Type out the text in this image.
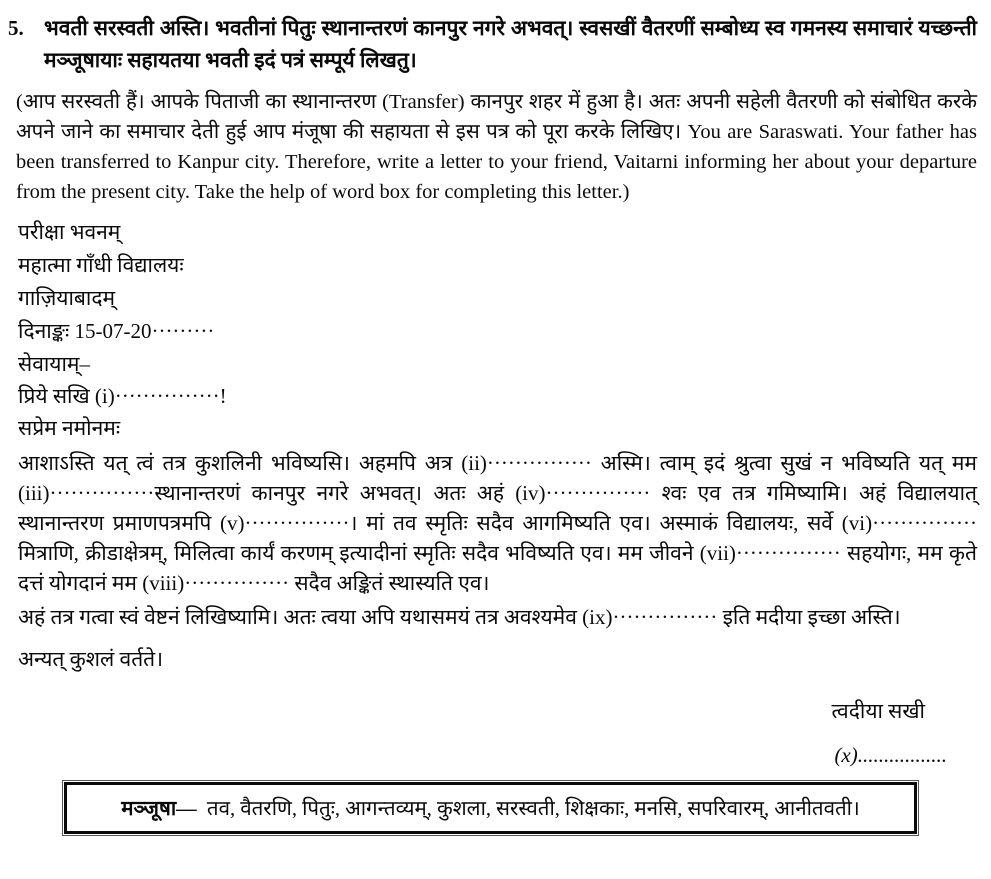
5. भवती सरस्वती अस्ति। भवतीनां पितुः स्थानान्तरणं कानपुर नगरे अभवत्। स्वसखीं वैतरणीं सम्बोध्य स्व गमनस्य समाचारं यच्छन्ती मञ्जूषायाः सहायतया भवती इदं पत्रं सम्पूर्य लिखतु।
(आप सरस्वती हैं। आपके पिताजी का स्थानान्तरण (Transfer) कानपुर शहर में हुआ है। अतः अपनी सहेली वैतरणी को संबोधित करके अपने जाने का समाचार देती हुई आप मंजूषा की सहायता से इस पत्र को पूरा करके लिखिए। You are Saraswati. Your father has been transferred to Kanpur city. Therefore, write a letter to your friend, Vaitarni informing her about your departure from the present city. Take the help of word box for completing this letter.)
परीक्षा भवनम्
महात्मा गाँधी विद्यालयः
गाज़ियाबादम्
दिनाङ्कः 15-07-20·········
सेवायाम्–
प्रिये सखि (i)···············!
सप्रेम नमोनमः
आशाऽस्ति यत् त्वं तत्र कुशलिनी भविष्यसि। अहमपि अत्र (ii)··············· अस्मि। त्वाम् इदं श्रुत्वा सुखं न भविष्यति यत् मम (iii)···············स्थानान्तरणं कानपुर नगरे अभवत्। अतः अहं (iv)··············· श्वः एव तत्र गमिष्यामि। अहं विद्यालयात् स्थानान्तरण प्रमाणपत्रमपि (v)···············। मां तव स्मृतिः सदैव आगमिष्यति एव। अस्माकं विद्यालयः, सर्वे (vi)··············· मित्राणि, क्रीडाक्षेत्रम्, मिलित्वा कार्यं करणम् इत्यादीनां स्मृतिः सदैव भविष्यति एव। मम जीवने (vii)··············· सहयोगः, मम कृते दत्तं योगदानं मम (viii)··············· सदैव अङ्कितं स्थास्यति एव।
अहं तत्र गत्वा स्वं वेष्टनं लिखिष्यामि। अतः त्वया अपि यथासमयं तत्र अवश्यमेव (ix)··············· इति मदीया इच्छा अस्ति।
अन्यत् कुशलं वर्तते।
त्वदीया सखी
(x).................
मञ्जूषा—  तव, वैतरणि, पितुः, आगन्तव्यम्, कुशला, सरस्वती, शिक्षकाः, मनसि, सपरिवारम्, आनीतवती।
